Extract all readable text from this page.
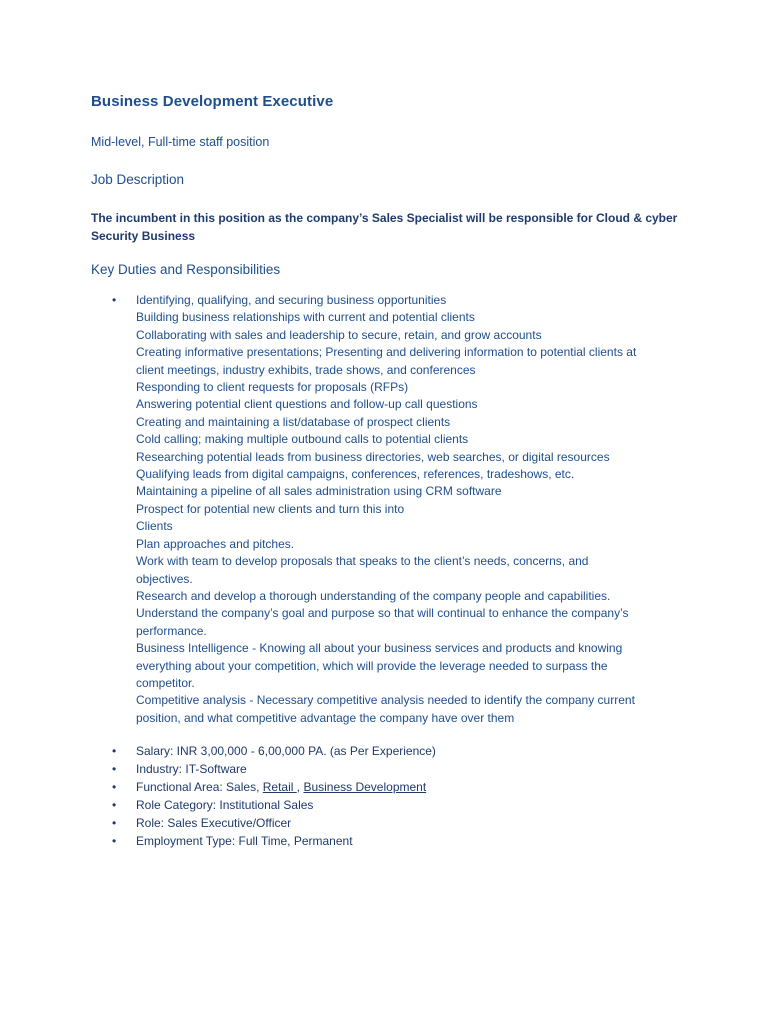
Business Development Executive
Mid-level, Full-time staff position
Job Description
The incumbent in this position as the company’s Sales Specialist will be responsible for Cloud & cyber
Security Business
Key Duties and Responsibilities
• Identifying, qualifying, and securing business opportunities
Building business relationships with current and potential clients
Collaborating with sales and leadership to secure, retain, and grow accounts
Creating informative presentations; Presenting and delivering information to potential clients at
client meetings, industry exhibits, trade shows, and conferences
Responding to client requests for proposals (RFPs)
Answering potential client questions and follow-up call questions
Creating and maintaining a list/database of prospect clients
Cold calling; making multiple outbound calls to potential clients
Researching potential leads from business directories, web searches, or digital resources
Qualifying leads from digital campaigns, conferences, references, tradeshows, etc.
Maintaining a pipeline of all sales administration using CRM software
Prospect for potential new clients and turn this into
Clients
Plan approaches and pitches.
Work with team to develop proposals that speaks to the client’s needs, concerns, and
objectives.
Research and develop a thorough understanding of the company people and capabilities.
Understand the company’s goal and purpose so that will continual to enhance the company’s
performance.
Business Intelligence - Knowing all about your business services and products and knowing
everything about your competition, which will provide the leverage needed to surpass the
competitor.
Competitive analysis - Necessary competitive analysis needed to identify the company current
position, and what competitive advantage the company have over them
• Salary: INR 3,00,000 - 6,00,000 PA. (as Per Experience)
• Industry: IT-Software
• Functional Area: Sales, Retail , Business Development
• Role Category: Institutional Sales
• Role: Sales Executive/Officer
• Employment Type: Full Time, Permanent
